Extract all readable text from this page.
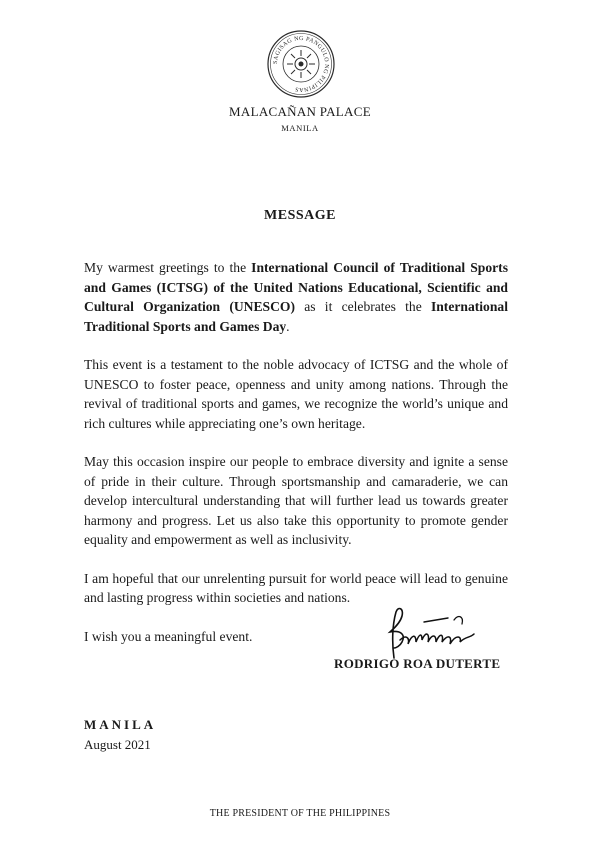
SAGISAG NG PANGULO NG PILIPINAS
MALACAÑAN PALACE
MANILA
MESSAGE

My warmest greetings to the International Council of Traditional Sports and Games (ICTSG) of the United Nations Educational, Scientific and Cultural Organization (UNESCO) as it celebrates the International Traditional Sports and Games Day.

This event is a testament to the noble advocacy of ICTSG and the whole of UNESCO to foster peace, openness and unity among nations. Through the revival of traditional sports and games, we recognize the world’s unique and rich cultures while appreciating one’s own heritage.

May this occasion inspire our people to embrace diversity and ignite a sense of pride in their culture. Through sportsmanship and camaraderie, we can develop intercultural understanding that will further lead us towards greater harmony and progress. Let us also take this opportunity to promote gender equality and empowerment as well as inclusivity.

I am hopeful that our unrelenting pursuit for world peace will lead to genuine and lasting progress within societies and nations.

I wish you a meaningful event.

RODRIGO ROA DUTERTE
MANILA
August 2021
THE PRESIDENT OF THE PHILIPPINES
